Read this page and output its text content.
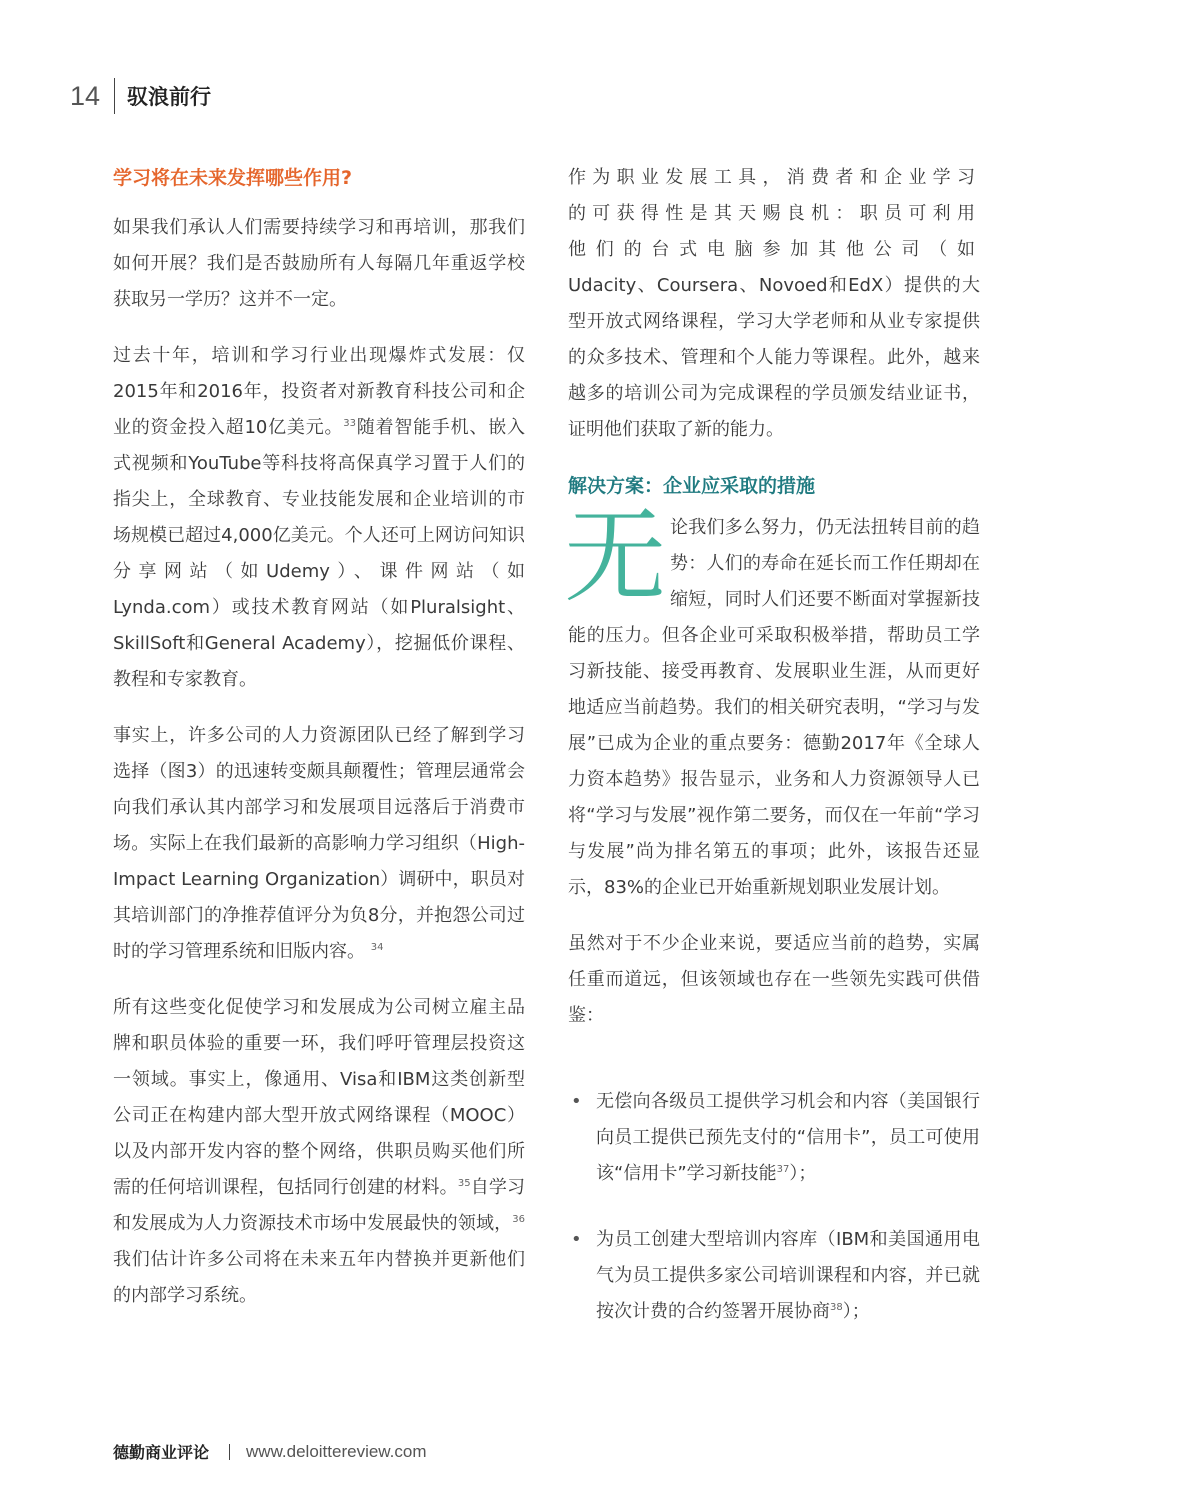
14 驭浪前行
学习将在未来发挥哪些作用?

如果我们承认人们需要持续学习和再培训，那我们如何开展？我们是否鼓励所有人每隔几年重返学校获取另一学历？这并不一定。

过去十年，培训和学习行业出现爆炸式发展：仅2015年和2016年，投资者对新教育科技公司和企业的资金投入超10亿美元。$^{33}$随着智能手机、嵌入式视频和YouTube等科技将高保真学习置于人们的指尖上，全球教育、专业技能发展和企业培训的市场规模已超过4,000亿美元。个人还可上网访问知识分享网站（如Udemy）、课件网站（如Lynda.com）或技术教育网站（如Pluralsight、SkillSoft和General Academy），挖掘低价课程、教程和专家教育。

事实上，许多公司的人力资源团队已经了解到学习选择（图3）的迅速转变颇具颠覆性；管理层通常会向我们承认其内部学习和发展项目远落后于消费市场。实际上在我们最新的高影响力学习组织（High-Impact Learning Organization）调研中，职员对其培训部门的净推荐值评分为负8分，并抱怨公司过时的学习管理系统和旧版内容。 $^{34}$

所有这些变化促使学习和发展成为公司树立雇主品牌和职员体验的重要一环，我们呼吁管理层投资这一领域。事实上，像通用、Visa和IBM这类创新型公司正在构建内部大型开放式网络课程（MOOC）以及内部开发内容的整个网络，供职员购买他们所需的任何培训课程，包括同行创建的材料。$^{35}$自学习和发展成为人力资源技术市场中发展最快的领域，$^{36}$我们估计许多公司将在未来五年内替换并更新他们的内部学习系统。

作为职业发展工具，消费者和企业学习的可获得性是其天赐良机：职员可利用他们的台式电脑参加其他公司（如Udacity、Coursera、Novoed和EdX）提供的大型开放式网络课程，学习大学老师和从业专家提供的众多技术、管理和个人能力等课程。此外，越来越多的培训公司为完成课程的学员颁发结业证书，证明他们获取了新的能力。

解决方案：企业应采取的措施
无 论我们多么努力，仍无法扭转目前的趋势：人们的寿命在延长而工作任期却在缩短，同时人们还要不断面对掌握新技能的压力。但各企业可采取积极举措，帮助员工学习新技能、接受再教育、发展职业生涯，从而更好地适应当前趋势。我们的相关研究表明，“学习与发展”已成为企业的重点要务：德勤2017年《全球人力资本趋势》报告显示，业务和人力资源领导人已将“学习与发展”视作第二要务，而仅在一年前“学习与发展”尚为排名第五的事项；此外，该报告还显示，83%的企业已开始重新规划职业发展计划。

虽然对于不少企业来说，要适应当前的趋势，实属任重而道远，但该领域也存在一些领先实践可供借鉴：

• 无偿向各级员工提供学习机会和内容（美国银行向员工提供已预先支付的“信用卡”，员工可使用该“信用卡”学习新技能$^{37}$）；
• 为员工创建大型培训内容库（IBM和美国通用电气为员工提供多家公司培训课程和内容，并已就按次计费的合约签署开展协商$^{38}$）；
德勤商业评论 www.deloittereview.com
